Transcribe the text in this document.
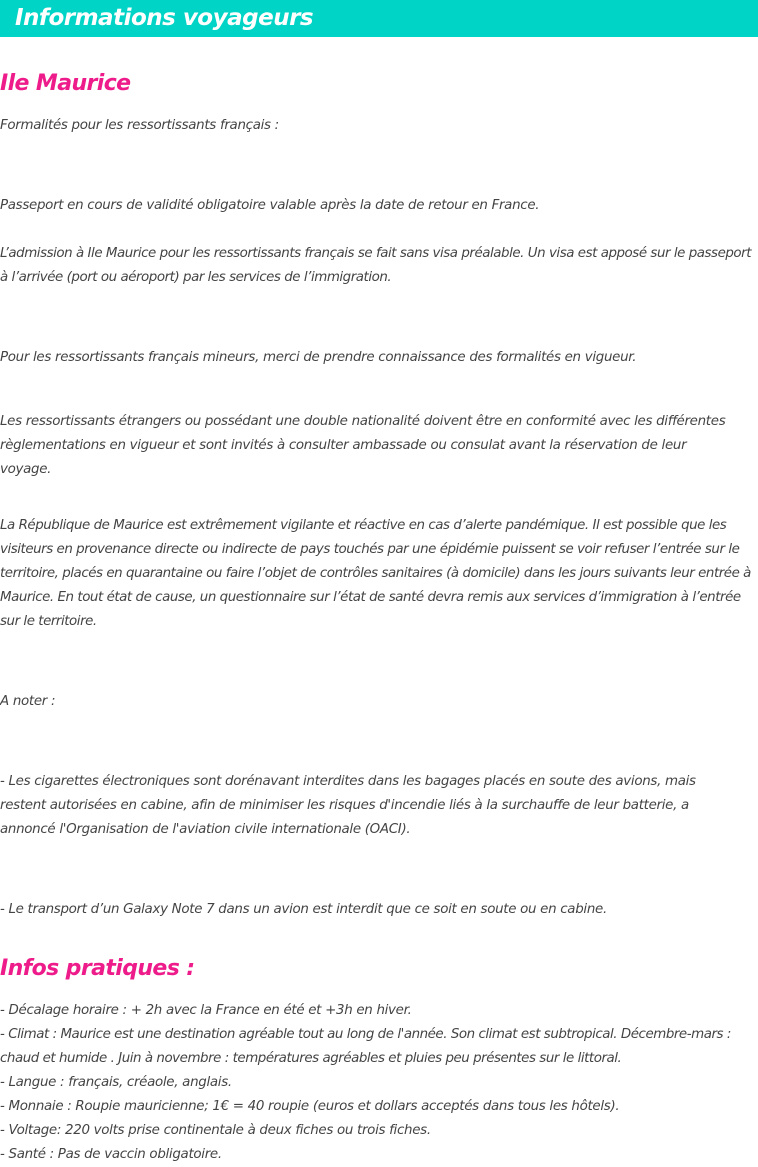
Informations voyageurs
Ile Maurice

Formalités pour les ressortissants français :

Passeport en cours de validité obligatoire valable après la date de retour en France.

L’admission à Ile Maurice pour les ressortissants français se fait sans visa préalable. Un visa est apposé sur le passeport à l’arrivée (port ou aéroport) par les services de l’immigration.

Pour les ressortissants français mineurs, merci de prendre connaissance des formalités en vigueur.

Les ressortissants étrangers ou possédant une double nationalité doivent être en conformité avec les différentes règlementations en vigueur et sont invités à consulter ambassade ou consulat avant la réservation de leur voyage.

La République de Maurice est extrêmement vigilante et réactive en cas d’alerte pandémique. Il est possible que les visiteurs en provenance directe ou indirecte de pays touchés par une épidémie puissent se voir refuser l’entrée sur le territoire, placés en quarantaine ou faire l’objet de contrôles sanitaires (à domicile) dans les jours suivants leur entrée à Maurice. En tout état de cause, un questionnaire sur l’état de santé devra remis aux services d’immigration à l’entrée sur le territoire.

A noter :

- Les cigarettes électroniques sont dorénavant interdites dans les bagages placés en soute des avions, mais restent autorisées en cabine, afin de minimiser les risques d'incendie liés à la surchauffe de leur batterie, a annoncé l'Organisation de l'aviation civile internationale (OACI).

- Le transport d’un Galaxy Note 7 dans un avion est interdit que ce soit en soute ou en cabine.

Infos pratiques :

- Décalage horaire : + 2h avec la France en été et +3h en hiver.

- Climat : Maurice est une destination agréable tout au long de l'année. Son climat est subtropical. Décembre-mars : chaud et humide . Juin à novembre : températures agréables et pluies peu présentes sur le littoral.

- Langue : français, créaole, anglais.

- Monnaie : Roupie mauricienne; 1€ = 40 roupie (euros et dollars acceptés dans tous les hôtels).

- Voltage: 220 volts prise continentale à deux fiches ou trois fiches.

- Santé : Pas de vaccin obligatoire.
